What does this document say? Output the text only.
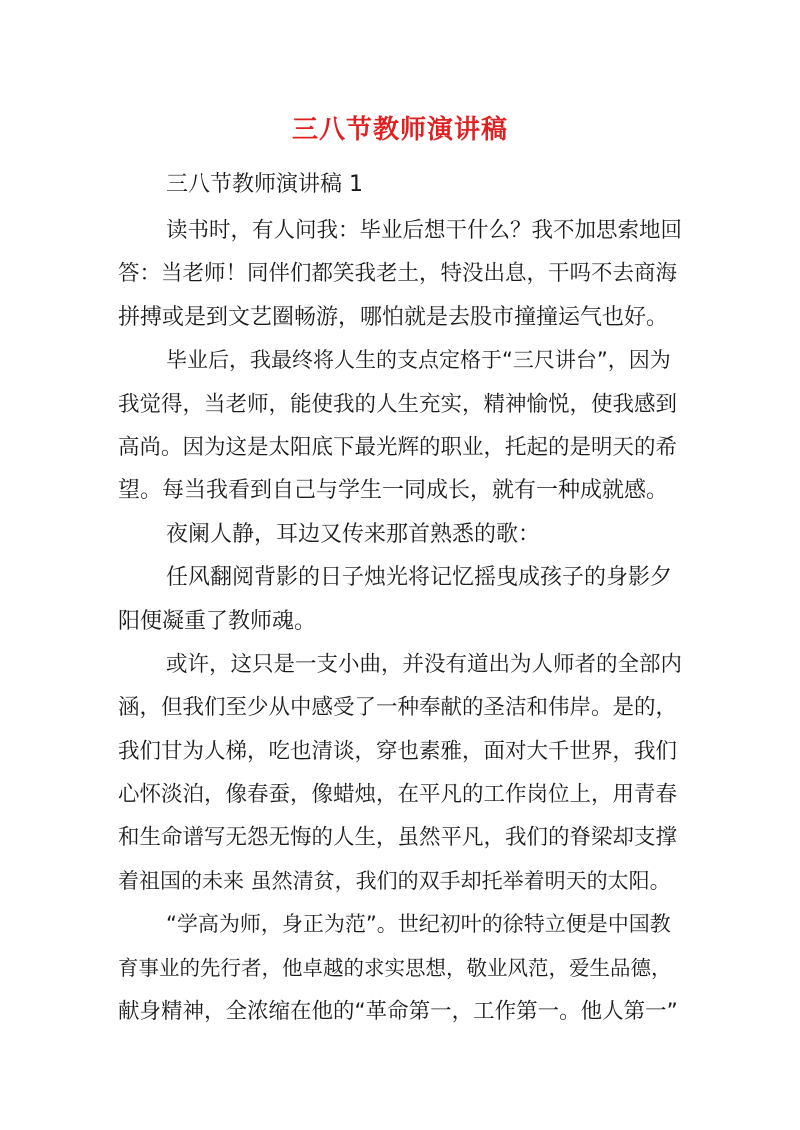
三八节教师演讲稿
三八节教师演讲稿 1
读书时，有人问我：毕业后想干什么？我不加思索地回
答：当老师！同伴们都笑我老土，特没出息，干吗不去商海
拼搏或是到文艺圈畅游，哪怕就是去股市撞撞运气也好。
毕业后，我最终将人生的支点定格于“三尺讲台”，因为
我觉得，当老师，能使我的人生充实，精神愉悦，使我感到
高尚。因为这是太阳底下最光辉的职业，托起的是明天的希
望。每当我看到自己与学生一同成长，就有一种成就感。
夜阑人静，耳边又传来那首熟悉的歌：
任风翻阅背影的日子烛光将记忆摇曳成孩子的身影夕
阳便凝重了教师魂。
或许，这只是一支小曲，并没有道出为人师者的全部内
涵，但我们至少从中感受了一种奉献的圣洁和伟岸。是的，
我们甘为人梯，吃也清谈，穿也素雅，面对大千世界，我们
心怀淡泊，像春蚕，像蜡烛，在平凡的工作岗位上，用青春
和生命谱写无怨无悔的人生，虽然平凡，我们的脊梁却支撑
着祖国的未来 虽然清贫，我们的双手却托举着明天的太阳。
“学高为师，身正为范”。世纪初叶的徐特立便是中国教
育事业的先行者，他卓越的求实思想，敬业风范，爱生品德，
献身精神，全浓缩在他的“革命第一，工作第一。他人第一”
